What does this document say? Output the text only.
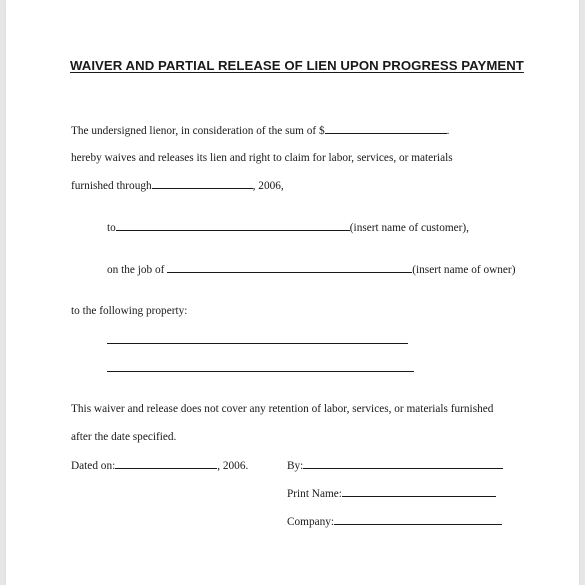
WAIVER AND PARTIAL RELEASE OF LIEN UPON PROGRESS PAYMENT
The undersigned lienor, in consideration of the sum of $	.
hereby waives and releases its lien and right to claim for labor, services, or materials
furnished through	, 2006,
to	(insert name of customer),
on the job of	(insert name of owner)
to the following property:
This waiver and release does not cover any retention of labor, services, or materials furnished
after the date specified.
Dated on:	, 2006.	By:
Print Name:
Company:
